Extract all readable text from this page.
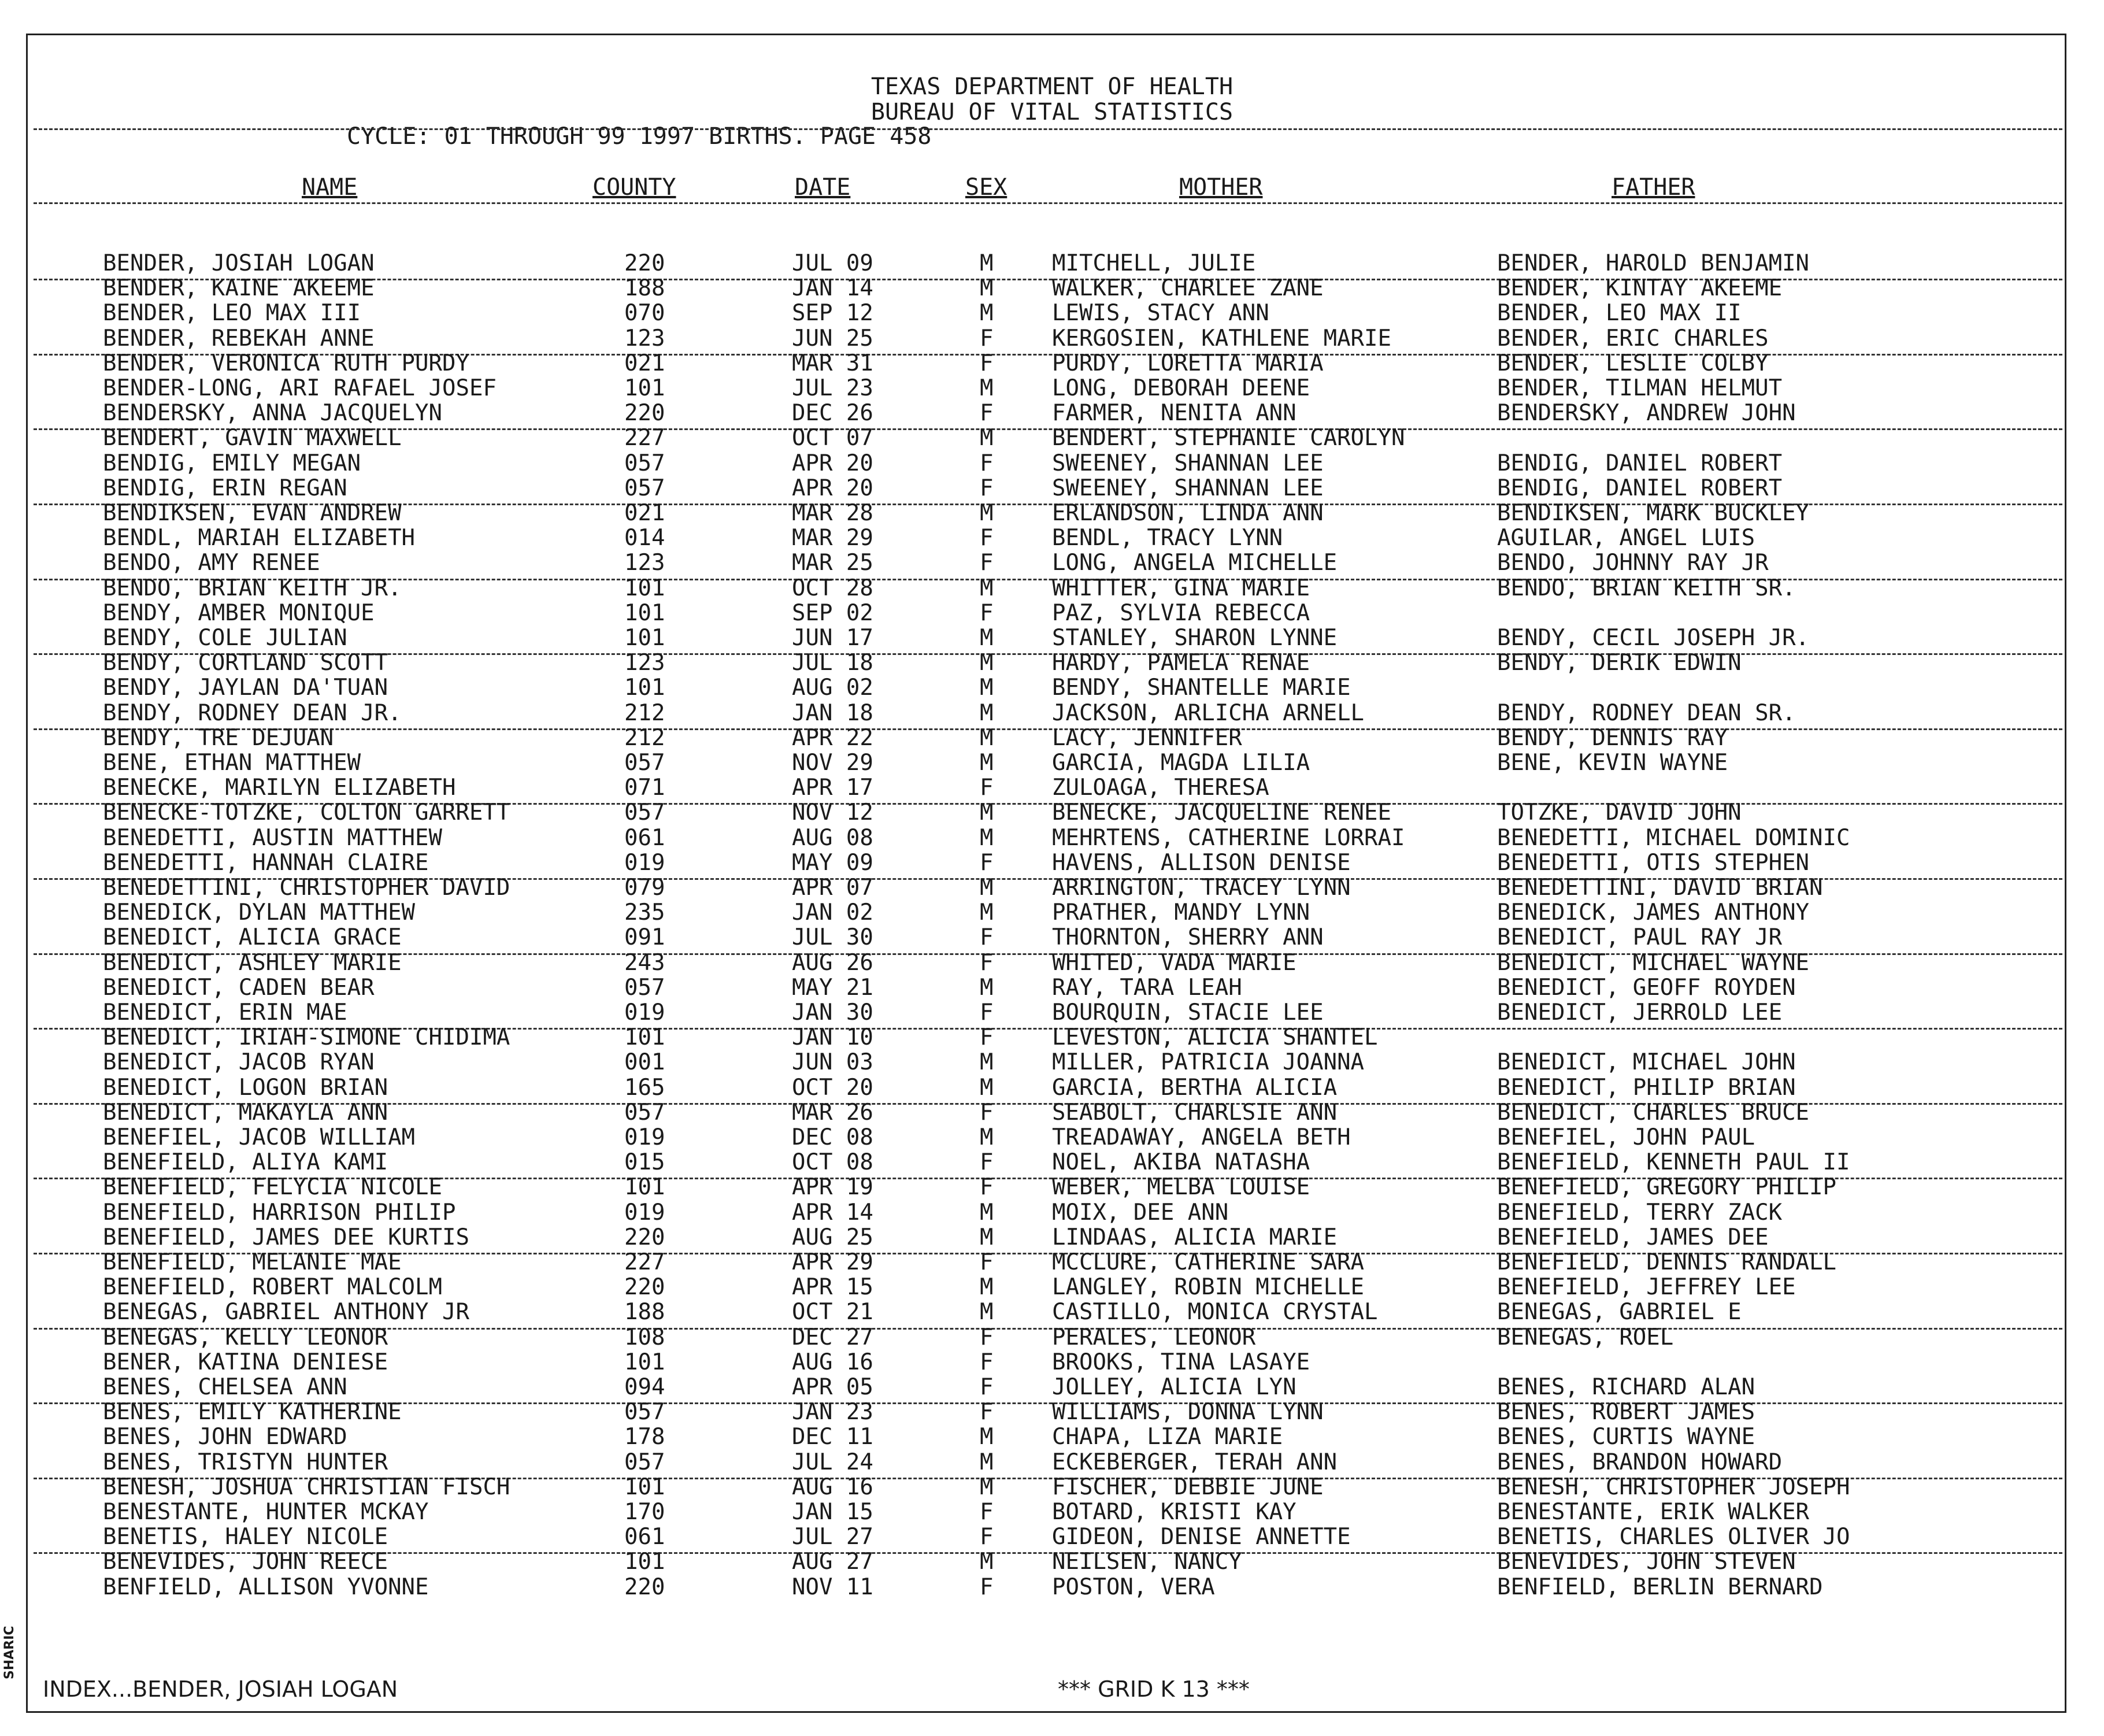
SHARIC
TEXAS DEPARTMENT OF HEALTH
BUREAU OF VITAL STATISTICS
CYCLE: 01 THROUGH 99 1997 BIRTHS. PAGE 458
NAME	COUNTY	DATE	SEX	MOTHER	FATHER
BENDER, JOSIAH LOGAN	220	JUL 09	M	MITCHELL, JULIE	BENDER, HAROLD BENJAMIN
BENDER, KAINE AKEEME	188	JAN 14	M	WALKER, CHARLEE ZANE	BENDER, KINTAY AKEEME
BENDER, LEO MAX III	070	SEP 12	M	LEWIS, STACY ANN	BENDER, LEO MAX II
BENDER, REBEKAH ANNE	123	JUN 25	F	KERGOSIEN, KATHLENE MARIE	BENDER, ERIC CHARLES
BENDER, VERONICA RUTH PURDY	021	MAR 31	F	PURDY, LORETTA MARIA	BENDER, LESLIE COLBY
BENDER-LONG, ARI RAFAEL JOSEF	101	JUL 23	M	LONG, DEBORAH DEENE	BENDER, TILMAN HELMUT
BENDERSKY, ANNA JACQUELYN	220	DEC 26	F	FARMER, NENITA ANN	BENDERSKY, ANDREW JOHN
BENDERT, GAVIN MAXWELL	227	OCT 07	M	BENDERT, STEPHANIE CAROLYN
BENDIG, EMILY MEGAN	057	APR 20	F	SWEENEY, SHANNAN LEE	BENDIG, DANIEL ROBERT
BENDIG, ERIN REGAN	057	APR 20	F	SWEENEY, SHANNAN LEE	BENDIG, DANIEL ROBERT
BENDIKSEN, EVAN ANDREW	021	MAR 28	M	ERLANDSON, LINDA ANN	BENDIKSEN, MARK BUCKLEY
BENDL, MARIAH ELIZABETH	014	MAR 29	F	BENDL, TRACY LYNN	AGUILAR, ANGEL LUIS
BENDO, AMY RENEE	123	MAR 25	F	LONG, ANGELA MICHELLE	BENDO, JOHNNY RAY JR
BENDO, BRIAN KEITH JR.	101	OCT 28	M	WHITTER, GINA MARIE	BENDO, BRIAN KEITH SR.
BENDY, AMBER MONIQUE	101	SEP 02	F	PAZ, SYLVIA REBECCA
BENDY, COLE JULIAN	101	JUN 17	M	STANLEY, SHARON LYNNE	BENDY, CECIL JOSEPH JR.
BENDY, CORTLAND SCOTT	123	JUL 18	M	HARDY, PAMELA RENAE	BENDY, DERIK EDWIN
BENDY, JAYLAN DA'TUAN	101	AUG 02	M	BENDY, SHANTELLE MARIE
BENDY, RODNEY DEAN JR.	212	JAN 18	M	JACKSON, ARLICHA ARNELL	BENDY, RODNEY DEAN SR.
BENDY, TRE DEJUAN	212	APR 22	M	LACY, JENNIFER	BENDY, DENNIS RAY
BENE, ETHAN MATTHEW	057	NOV 29	M	GARCIA, MAGDA LILIA	BENE, KEVIN WAYNE
BENECKE, MARILYN ELIZABETH	071	APR 17	F	ZULOAGA, THERESA
BENECKE-TOTZKE, COLTON GARRETT	057	NOV 12	M	BENECKE, JACQUELINE RENEE	TOTZKE, DAVID JOHN
BENEDETTI, AUSTIN MATTHEW	061	AUG 08	M	MEHRTENS, CATHERINE LORRAI	BENEDETTI, MICHAEL DOMINIC
BENEDETTI, HANNAH CLAIRE	019	MAY 09	F	HAVENS, ALLISON DENISE	BENEDETTI, OTIS STEPHEN
BENEDETTINI, CHRISTOPHER DAVID	079	APR 07	M	ARRINGTON, TRACEY LYNN	BENEDETTINI, DAVID BRIAN
BENEDICK, DYLAN MATTHEW	235	JAN 02	M	PRATHER, MANDY LYNN	BENEDICK, JAMES ANTHONY
BENEDICT, ALICIA GRACE	091	JUL 30	F	THORNTON, SHERRY ANN	BENEDICT, PAUL RAY JR
BENEDICT, ASHLEY MARIE	243	AUG 26	F	WHITED, VADA MARIE	BENEDICT, MICHAEL WAYNE
BENEDICT, CADEN BEAR	057	MAY 21	M	RAY, TARA LEAH	BENEDICT, GEOFF ROYDEN
BENEDICT, ERIN MAE	019	JAN 30	F	BOURQUIN, STACIE LEE	BENEDICT, JERROLD LEE
BENEDICT, IRIAH-SIMONE CHIDIMA	101	JAN 10	F	LEVESTON, ALICIA SHANTEL
BENEDICT, JACOB RYAN	001	JUN 03	M	MILLER, PATRICIA JOANNA	BENEDICT, MICHAEL JOHN
BENEDICT, LOGON BRIAN	165	OCT 20	M	GARCIA, BERTHA ALICIA	BENEDICT, PHILIP BRIAN
BENEDICT, MAKAYLA ANN	057	MAR 26	F	SEABOLT, CHARLSIE ANN	BENEDICT, CHARLES BRUCE
BENEFIEL, JACOB WILLIAM	019	DEC 08	M	TREADAWAY, ANGELA BETH	BENEFIEL, JOHN PAUL
BENEFIELD, ALIYA KAMI	015	OCT 08	F	NOEL, AKIBA NATASHA	BENEFIELD, KENNETH PAUL II
BENEFIELD, FELYCIA NICOLE	101	APR 19	F	WEBER, MELBA LOUISE	BENEFIELD, GREGORY PHILIP
BENEFIELD, HARRISON PHILIP	019	APR 14	M	MOIX, DEE ANN	BENEFIELD, TERRY ZACK
BENEFIELD, JAMES DEE KURTIS	220	AUG 25	M	LINDAAS, ALICIA MARIE	BENEFIELD, JAMES DEE
BENEFIELD, MELANIE MAE	227	APR 29	F	MCCLURE, CATHERINE SARA	BENEFIELD, DENNIS RANDALL
BENEFIELD, ROBERT MALCOLM	220	APR 15	M	LANGLEY, ROBIN MICHELLE	BENEFIELD, JEFFREY LEE
BENEGAS, GABRIEL ANTHONY JR	188	OCT 21	M	CASTILLO, MONICA CRYSTAL	BENEGAS, GABRIEL E
BENEGAS, KELLY LEONOR	108	DEC 27	F	PERALES, LEONOR	BENEGAS, ROEL
BENER, KATINA DENIESE	101	AUG 16	F	BROOKS, TINA LASAYE
BENES, CHELSEA ANN	094	APR 05	F	JOLLEY, ALICIA LYN	BENES, RICHARD ALAN
BENES, EMILY KATHERINE	057	JAN 23	F	WILLIAMS, DONNA LYNN	BENES, ROBERT JAMES
BENES, JOHN EDWARD	178	DEC 11	M	CHAPA, LIZA MARIE	BENES, CURTIS WAYNE
BENES, TRISTYN HUNTER	057	JUL 24	M	ECKEBERGER, TERAH ANN	BENES, BRANDON HOWARD
BENESH, JOSHUA CHRISTIAN FISCH	101	AUG 16	M	FISCHER, DEBBIE JUNE	BENESH, CHRISTOPHER JOSEPH
BENESTANTE, HUNTER MCKAY	170	JAN 15	F	BOTARD, KRISTI KAY	BENESTANTE, ERIK WALKER
BENETIS, HALEY NICOLE	061	JUL 27	F	GIDEON, DENISE ANNETTE	BENETIS, CHARLES OLIVER JO
BENEVIDES, JOHN REECE	101	AUG 27	M	NEILSEN, NANCY	BENEVIDES, JOHN STEVEN
BENFIELD, ALLISON YVONNE	220	NOV 11	F	POSTON, VERA	BENFIELD, BERLIN BERNARD
INDEX...BENDER, JOSIAH LOGAN	*** GRID K 13 ***
